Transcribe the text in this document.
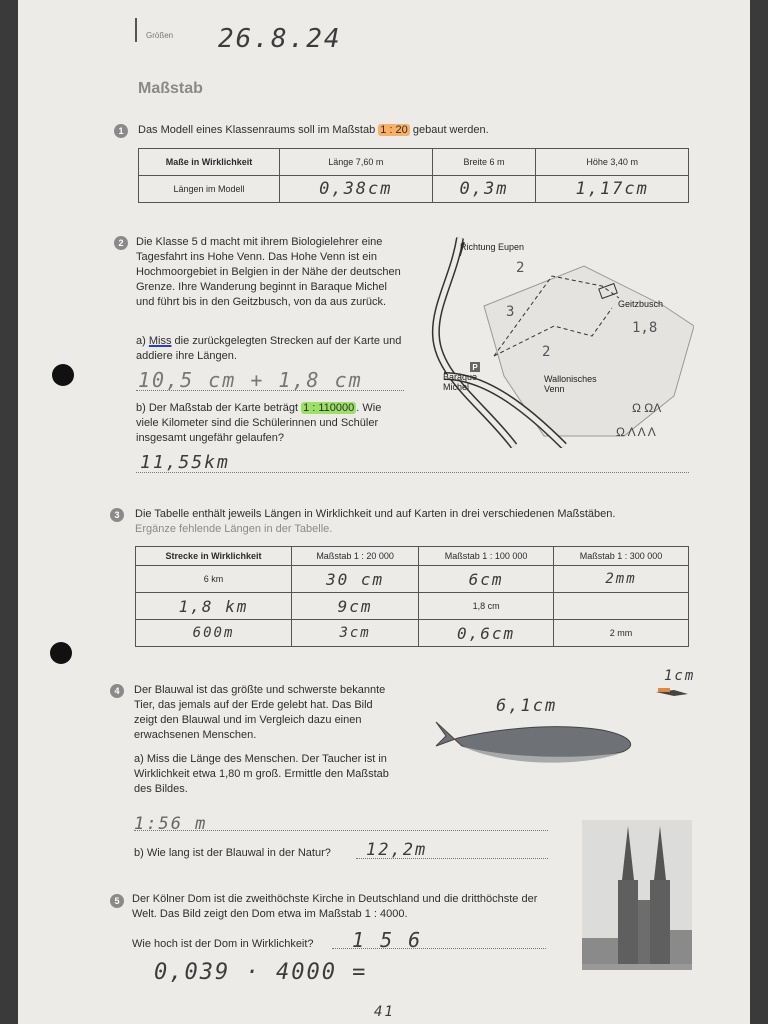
Größen 26.8.24
Maßstab
1	Das Modell eines Klassenraums soll im Maßstab 1 : 20 gebaut werden.
Maße in Wirklichkeit	Länge 7,60 m	Breite 6 m	Höhe 3,40 m
Längen im Modell	0,38cm	0,3m	1,17cm
2	Die Klasse 5 d macht mit ihrem Biologielehrer eine Tagesfahrt ins Hohe Venn. Das Hohe Venn ist ein Hochmoorgebiet in Belgien in der Nähe der deutschen Grenze. Ihre Wanderung beginnt in Baraque Michel und führt bis in den Geitzbusch, von da aus zurück.
a) Miss die zurückgelegten Strecken auf der Karte und addiere ihre Längen.
10,5 cm + 1,8 cm
b) Der Maßstab der Karte beträgt 1 : 110000 . Wie viele Kilometer sind die Schülerinnen und Schüler insgesamt ungefähr gelaufen?
11,55km
P
2
3
2
1,8
Ω ΩΛ
Ω Λ Λ Λ
Richtung Eupen
Geitzbusch
Baraque Michel
Wallonisches Venn
3	Die Tabelle enthält jeweils Längen in Wirklichkeit und auf Karten in drei verschiedenen Maßstäben. Ergänze fehlende Längen in der Tabelle.
Strecke in Wirklichkeit	Maßstab 1 : 20 000	Maßstab 1 : 100 000	Maßstab 1 : 300 000
6 km	30 cm	6cm	2mm
1,8 km	9cm	1,8 cm	
600m	3cm	0,6cm	2 mm
4	Der Blauwal ist das größte und schwerste bekannte Tier, das jemals auf der Erde gelebt hat. Das Bild zeigt den Blauwal und im Vergleich dazu einen erwachsenen Menschen.
a) Miss die Länge des Menschen. Der Taucher ist in Wirklichkeit etwa 1,80 m groß. Ermittle den Maßstab des Bildes.
1:56 m
b) Wie lang ist der Blauwal in der Natur? 12,2m
6,1cm
1cm
5	Der Kölner Dom ist die zweithöchste Kirche in Deutschland und die dritthöchste der Welt. Das Bild zeigt den Dom etwa im Maßstab 1 : 4000.
Wie hoch ist der Dom in Wirklichkeit? 1 5 6
0,039 · 4000 =
41
